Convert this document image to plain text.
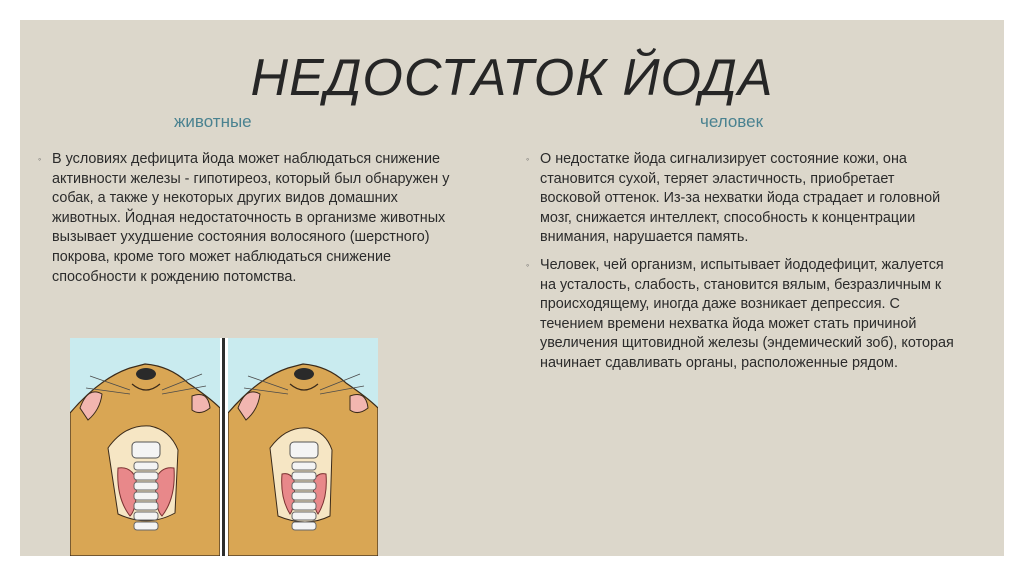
НЕДОСТАТОК ЙОДА
животные	человек
◦ В условиях дефицита йода может наблюдаться снижение активности железы - гипотиреоз, который был обнаружен у собак, а также у некоторых других видов домашних животных. Йодная недостаточность в организме животных вызывает ухудшение состояния волосяного (шерстного) покрова, кроме того может наблюдаться снижение способности к рождению потомства.
◦ О недостатке йода сигнализирует состояние кожи, она становится сухой, теряет эластичность, приобретает восковой оттенок. Из-за нехватки йода страдает и головной мозг, снижается интеллект, способность к концентрации внимания, нарушается память.
◦ Человек, чей организм, испытывает йододефицит, жалуется на усталость, слабость, становится вялым, безразличным к происходящему, иногда даже возникает депрессия. С течением времени нехватка йода может стать причиной увеличения щитовидной железы (эндемический зоб), которая начинает сдавливать органы, расположенные рядом.
